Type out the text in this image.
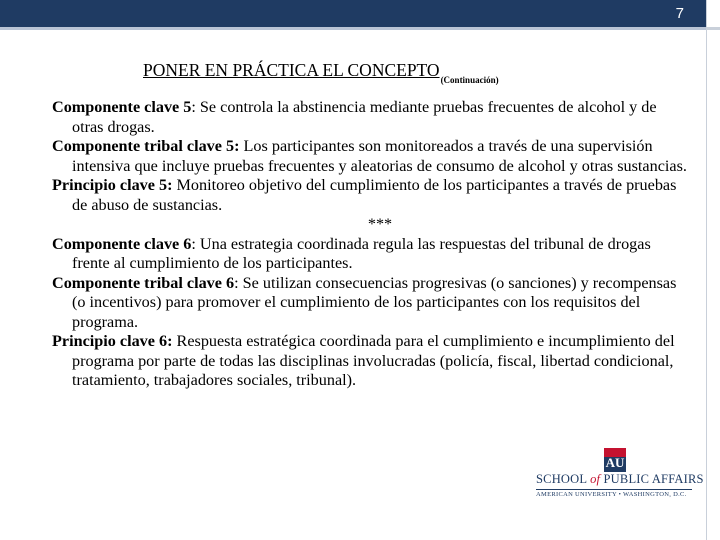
7
PONER EN PRÁCTICA EL $CONCEPTO_{(Continuación)}$

Componente clave 5: Se controla la abstinencia mediante pruebas frecuentes de alcohol y de otras drogas.

Componente tribal clave 5: Los participantes son monitoreados a través de una supervisión intensiva que incluye pruebas frecuentes y aleatorias de consumo de alcohol y otras sustancias.

Principio clave 5: Monitoreo objetivo del cumplimiento de los participantes a través de pruebas de abuso de sustancias.

***

Componente clave 6: Una estrategia coordinada regula las respuestas del tribunal de drogas frente al cumplimiento de los participantes.

Componente tribal clave 6: Se utilizan consecuencias progresivas (o sanciones) y recompensas (o incentivos) para promover el cumplimiento de los participantes con los requisitos del programa.

Principio clave 6: Respuesta estratégica coordinada para el cumplimiento e incumplimiento del programa por parte de todas las disciplinas involucradas (policía, fiscal, libertad condicional, tratamiento, trabajadores sociales, tribunal).

AU
SCHOOL of PUBLIC AFFAIRS
AMERICAN UNIVERSITY • WASHINGTON, D.C.
